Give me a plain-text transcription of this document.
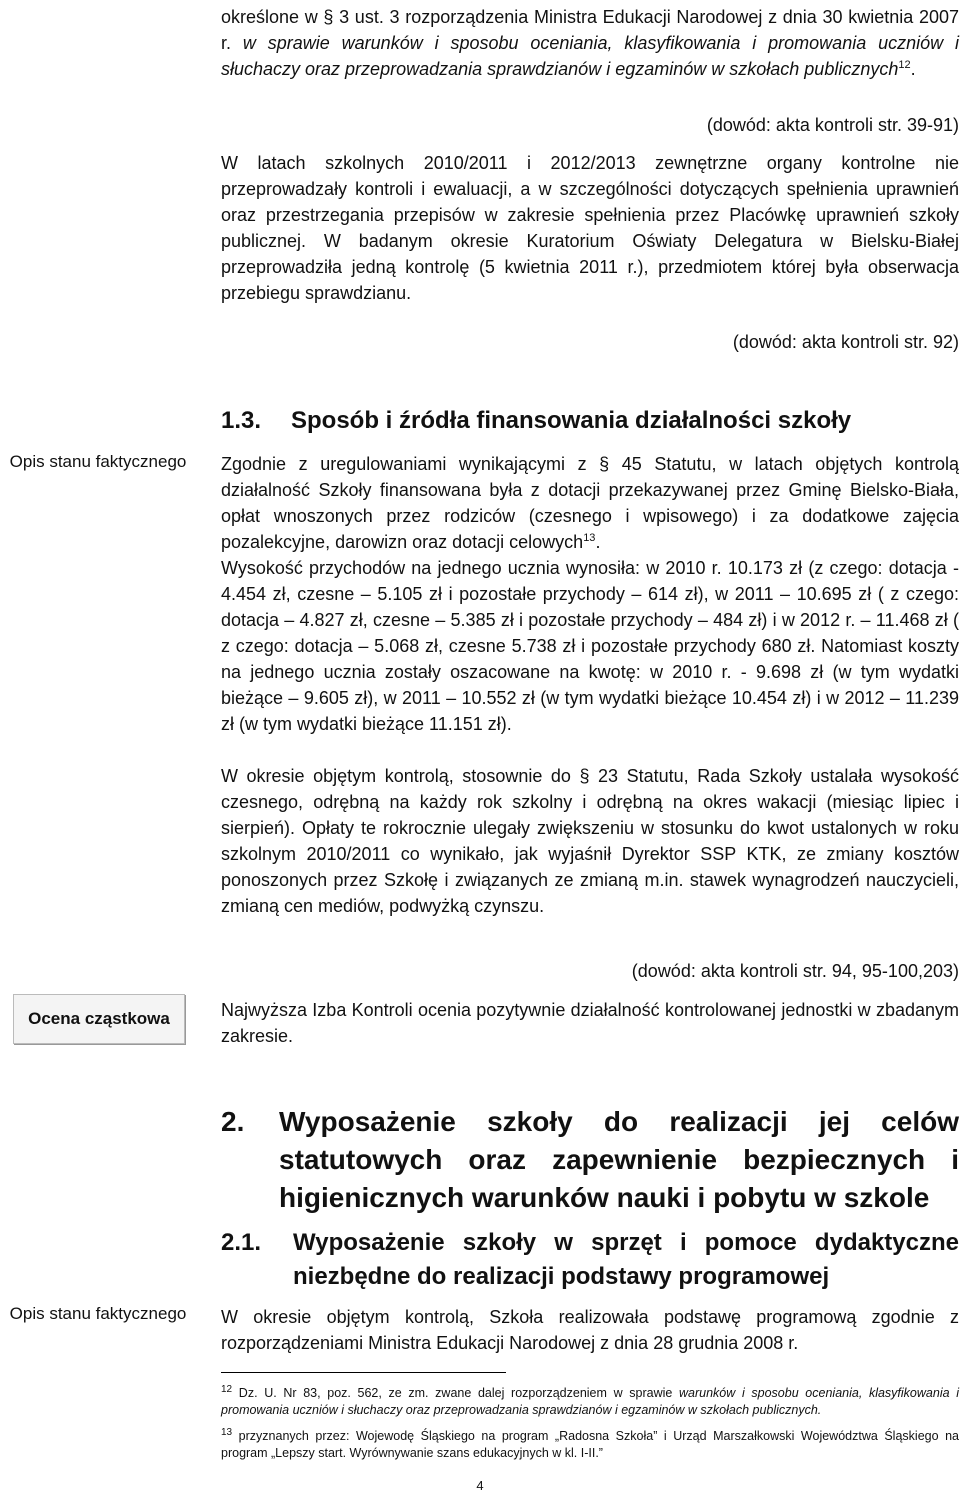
określone w § 3 ust. 3 rozporządzenia Ministra Edukacji Narodowej z dnia 30 kwietnia 2007 r. w sprawie warunków i sposobu oceniania, klasyfikowania i promowania uczniów i słuchaczy oraz przeprowadzania sprawdzianów i egzaminów w szkołach publicznych$^{12}$.
(dowód: akta kontroli str. 39-91)

W latach szkolnych 2010/2011 i 2012/2013 zewnętrzne organy kontrolne nie przeprowadzały kontroli i ewaluacji, a w szczególności dotyczących spełnienia uprawnień oraz przestrzegania przepisów w zakresie spełnienia przez Placówkę uprawnień szkoły publicznej. W badanym okresie Kuratorium Oświaty Delegatura w Bielsku-Białej przeprowadziła jedną kontrolę (5 kwietnia 2011 r.), przedmiotem której była obserwacja przebiegu sprawdzianu.

(dowód: akta kontroli str. 92)
1.3. Sposób i źródła finansowania działalności szkoły
Opis stanu faktycznego	Zgodnie z uregulowaniami wynikającymi z § 45 Statutu, w latach objętych kontrolą działalność Szkoły finansowana była z dotacji przekazywanej przez Gminę Bielsko-Biała, opłat wnoszonych przez rodziców (czesnego i wpisowego) i za dodatkowe zajęcia pozalekcyjne, darowizn oraz dotacji celowych$^{13}$.

Wysokość przychodów na jednego ucznia wynosiła: w 2010 r. 10.173 zł (z czego: dotacja - 4.454 zł, czesne – 5.105 zł i pozostałe przychody – 614 zł), w 2011 – 10.695 zł ( z czego: dotacja – 4.827 zł, czesne – 5.385 zł i pozostałe przychody – 484 zł) i w 2012 r. – 11.468 zł ( z czego: dotacja – 5.068 zł, czesne 5.738 zł i pozostałe przychody 680 zł. Natomiast koszty na jednego ucznia zostały oszacowane na kwotę: w 2010 r. - 9.698 zł (w tym wydatki bieżące – 9.605 zł), w 2011 – 10.552 zł (w tym wydatki bieżące 10.454 zł) i w 2012 – 11.239 zł (w tym wydatki bieżące 11.151 zł).

W okresie objętym kontrolą, stosownie do § 23 Statutu, Rada Szkoły ustalała wysokość czesnego, odrębną na każdy rok szkolny i odrębną na okres wakacji (miesiąc lipiec i sierpień). Opłaty te rokrocznie ulegały zwiększeniu w stosunku do kwot ustalonych w roku szkolnym 2010/2011 co wynikało, jak wyjaśnił Dyrektor SSP KTK, ze zmiany kosztów ponoszonych przez Szkołę i związanych ze zmianą m.in. stawek wynagrodzeń nauczycieli, zmianą cen mediów, podwyżką czynszu.

(dowód: akta kontroli str. 94, 95-100,203)
Ocena cząstkowa	Najwyższa Izba Kontroli ocenia pozytywnie działalność kontrolowanej jednostki w zbadanym zakresie.

2. Wyposażenie szkoły do realizacji jej celów statutowych oraz zapewnienie bezpiecznych i higienicznych warunków nauki i pobytu w szkole
2.1. Wyposażenie szkoły w sprzęt i pomoce dydaktyczne niezbędne do realizacji podstawy programowej
Opis stanu faktycznego	W okresie objętym kontrolą, Szkoła realizowała podstawę programową zgodnie z rozporządzeniami Ministra Edukacji Narodowej z dnia 28 grudnia 2008 r.

$^{12}$ Dz. U. Nr 83, poz. 562, ze zm. zwane dalej rozporządzeniem w sprawie warunków i sposobu oceniania, klasyfikowania i promowania uczniów i słuchaczy oraz przeprowadzania sprawdzianów i egzaminów w szkołach publicznych.

$^{13}$ przyznanych przez: Wojewodę Śląskiego na program „Radosna Szkoła” i Urząd Marszałkowski Województwa Śląskiego na program „Lepszy start. Wyrównywanie szans edukacyjnych w kl. I-II.”

4
